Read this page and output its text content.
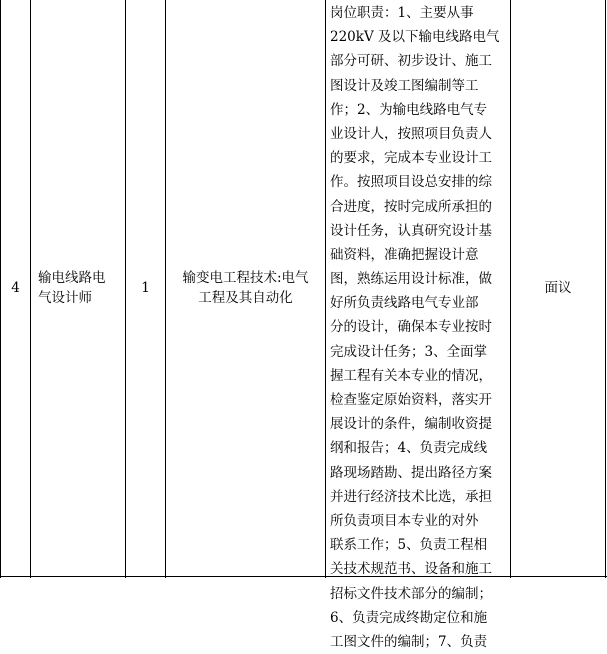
4
输电线路电
气设计师
1
输变电工程技术:电气
工程及其自动化
岗位职责：1、主要从事
220kV 及以下输电线路电气
部分可研、初步设计、施工
图设计及竣工图编制等工
作；2、为输电线路电气专
业设计人，按照项目负责人
的要求，完成本专业设计工
作。按照项目设总安排的综
合进度，按时完成所承担的
设计任务，认真研究设计基
础资料，准确把握设计意
图，熟练运用设计标准，做
好所负责线路电气专业部
分的设计，确保本专业按时
完成设计任务；3、全面掌
握工程有关本专业的情况，
检查鉴定原始资料，落实开
展设计的条件，编制收资提
纲和报告；4、负责完成线
路现场踏勘、提出路径方案
并进行经济技术比选，承担
所负责项目本专业的对外
联系工作；5、负责工程相
关技术规范书、设备和施工
招标文件技术部分的编制；
6、负责完成终勘定位和施
工图文件的编制；7、负责
面议
